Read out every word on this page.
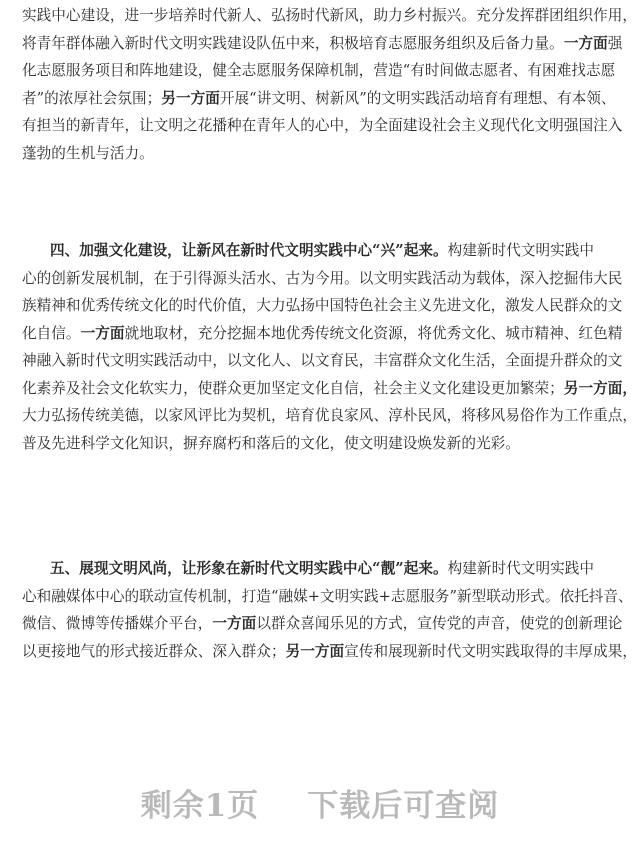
实践中心建设，进一步培养时代新人、弘扬时代新风，助力乡村振兴。充分发挥群团组织作用，
将青年群体融入新时代文明实践建设队伍中来，积极培育志愿服务组织及后备力量。一方面强
化志愿服务项目和阵地建设，健全志愿服务保障机制，营造“有时间做志愿者、有困难找志愿
者”的浓厚社会氛围；另一方面开展“讲文明、树新风”的文明实践活动培育有理想、有本领、
有担当的新青年，让文明之花播种在青年人的心中，为全面建设社会主义现代化文明强国注入
蓬勃的生机与活力。
四、加强文化建设，让新风在新时代文明实践中心“兴”起来。构建新时代文明实践中
心的创新发展机制，在于引得源头活水、古为今用。以文明实践活动为载体，深入挖掘伟大民
族精神和优秀传统文化的时代价值，大力弘扬中国特色社会主义先进文化，激发人民群众的文
化自信。一方面就地取材，充分挖掘本地优秀传统文化资源，将优秀文化、城市精神、红色精
神融入新时代文明实践活动中，以文化人、以文育民，丰富群众文化生活，全面提升群众的文
化素养及社会文化软实力，使群众更加坚定文化自信，社会主义文化建设更加繁荣；另一方面，
大力弘扬传统美德，以家风评比为契机，培育优良家风、淳朴民风，将移风易俗作为工作重点，
普及先进科学文化知识，摒弃腐朽和落后的文化，使文明建设焕发新的光彩。
五、展现文明风尚，让形象在新时代文明实践中心“靓”起来。构建新时代文明实践中
心和融媒体中心的联动宣传机制，打造“融媒+文明实践+志愿服务”新型联动形式。依托抖音、
微信、微博等传播媒介平台，一方面以群众喜闻乐见的方式，宣传党的声音，使党的创新理论
以更接地气的形式接近群众、深入群众；另一方面宣传和展现新时代文明实践取得的丰厚成果，
剩余1页 下载后可查阅
